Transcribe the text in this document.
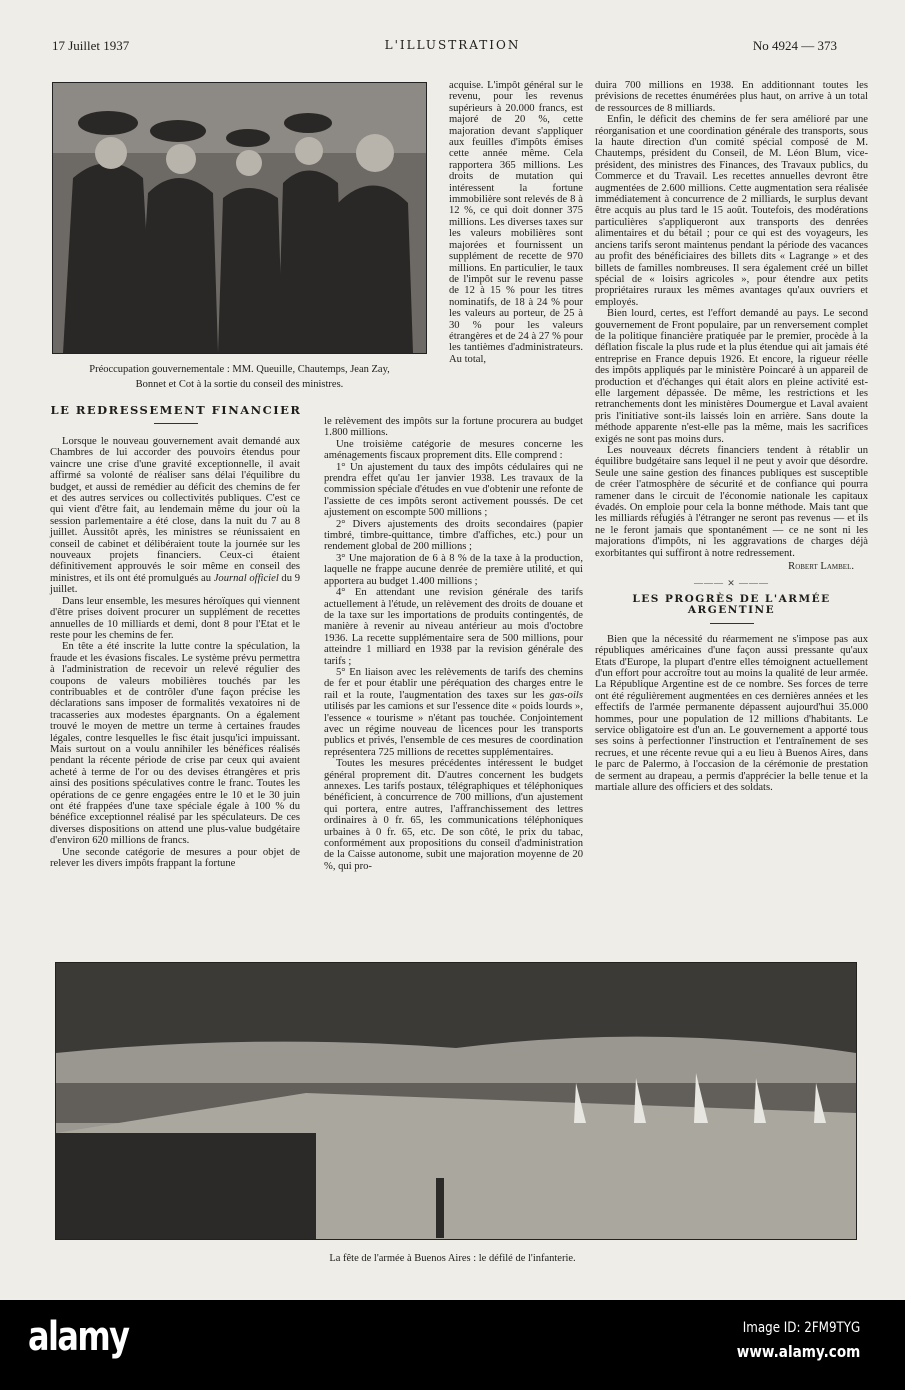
17 Juillet 1937	L'ILLUSTRATION	No 4924 — 373
Préoccupation gouvernementale : MM. Queuille, Chautemps, Jean Zay,
Bonnet et Cot à la sortie du conseil des ministres.
LE REDRESSEMENT FINANCIER

Lorsque le nouveau gouvernement avait demandé aux Chambres de lui accorder des pouvoirs étendus pour vaincre une crise d'une gravité exceptionnelle, il avait affirmé sa volonté de réaliser sans délai l'équilibre du budget, et aussi de remédier au déficit des chemins de fer et des autres services ou collectivités publiques. C'est ce qui vient d'être fait, au lendemain même du jour où la session parlementaire a été close, dans la nuit du 7 au 8 juillet. Aussitôt après, les ministres se réunissaient en conseil de cabinet et délibéraient toute la journée sur les nouveaux projets financiers. Ceux-ci étaient définitivement approuvés le soir même en conseil des ministres, et ils ont été promulgués au Journal officiel du 9 juillet.

Dans leur ensemble, les mesures héroïques qui viennent d'être prises doivent procurer un supplément de recettes annuelles de 10 milliards et demi, dont 8 pour l'Etat et le reste pour les chemins de fer.

En tête a été inscrite la lutte contre la spéculation, la fraude et les évasions fiscales. Le système prévu permettra à l'administration de recevoir un relevé régulier des coupons de valeurs mobilières touchés par les contribuables et de contrôler d'une façon précise les déclarations sans imposer de formalités vexatoires ni de tracasseries aux modestes épargnants. On a également trouvé le moyen de mettre un terme à certaines fraudes légales, contre lesquelles le fisc était jusqu'ici impuissant. Mais surtout on a voulu annihiler les bénéfices réalisés pendant la récente période de crise par ceux qui avaient acheté à terme de l'or ou des devises étrangères et pris ainsi des positions spéculatives contre le franc. Toutes les opérations de ce genre engagées entre le 10 et le 30 juin ont été frappées d'une taxe spéciale égale à 100 % du bénéfice exceptionnel réalisé par les spéculateurs. De ces diverses dispositions on attend une plus-value budgétaire d'environ 620 millions de francs.

Une seconde catégorie de mesures a pour objet de relever les divers impôts frappant la fortune

acquise. L'impôt général sur le revenu, pour les revenus supérieurs à 20.000 francs, est majoré de 20 %, cette majoration devant s'appliquer aux feuilles d'impôts émises cette année même. Cela rapportera 365 millions. Les droits de mutation qui intéressent la fortune immobilière sont relevés de 8 à 12 %, ce qui doit donner 375 millions. Les diverses taxes sur les valeurs mobilières sont majorées et fournissent un supplément de recette de 970 millions. En particulier, le taux de l'impôt sur le revenu passe de 12 à 15 % pour les titres nominatifs, de 18 à 24 % pour les valeurs au porteur, de 25 à 30 % pour les valeurs étrangères et de 24 à 27 % pour les tantièmes d'administrateurs. Au total,

le relèvement des impôts sur la fortune procurera au budget 1.800 millions.

Une troisième catégorie de mesures concerne les aménagements fiscaux proprement dits. Elle comprend :

1° Un ajustement du taux des impôts cédulaires qui ne prendra effet qu'au 1er janvier 1938. Les travaux de la commission spéciale d'études en vue d'obtenir une refonte de l'assiette de ces impôts seront activement poussés. De cet ajustement on escompte 500 millions ;

2° Divers ajustements des droits secondaires (papier timbré, timbre-quittance, timbre d'affiches, etc.) pour un rendement global de 200 millions ;

3° Une majoration de 6 à 8 % de la taxe à la production, laquelle ne frappe aucune denrée de première utilité, et qui apportera au budget 1.400 millions ;

4° En attendant une revision générale des tarifs actuellement à l'étude, un relèvement des droits de douane et de la taxe sur les importations de produits contingentés, de manière à revenir au niveau antérieur au mois d'octobre 1936. La recette supplémentaire sera de 500 millions, pour atteindre 1 milliard en 1938 par la revision générale des tarifs ;

5° En liaison avec les relèvements de tarifs des chemins de fer et pour établir une péréquation des charges entre le rail et la route, l'augmentation des taxes sur les gas-oils utilisés par les camions et sur l'essence dite « poids lourds », l'essence « tourisme » n'étant pas touchée. Conjointement avec un régime nouveau de licences pour les transports publics et privés, l'ensemble de ces mesures de coordination représentera 725 millions de recettes supplémentaires.

Toutes les mesures précédentes intéressent le budget général proprement dit. D'autres concernent les budgets annexes. Les tarifs postaux, télégraphiques et téléphoniques bénéficient, à concurrence de 700 millions, d'un ajustement qui portera, entre autres, l'affranchissement des lettres ordinaires à 0 fr. 65, les communications téléphoniques urbaines à 0 fr. 65, etc. De son côté, le prix du tabac, conformément aux propositions du conseil d'administration de la Caisse autonome, subit une majoration moyenne de 20 %, qui pro-

duira 700 millions en 1938. En additionnant toutes les prévisions de recettes énumérées plus haut, on arrive à un total de ressources de 8 milliards.

Enfin, le déficit des chemins de fer sera amélioré par une réorganisation et une coordination générale des transports, sous la haute direction d'un comité spécial composé de M. Chautemps, président du Conseil, de M. Léon Blum, vice-président, des ministres des Finances, des Travaux publics, du Commerce et du Travail. Les recettes annuelles devront être augmentées de 2.600 millions. Cette augmentation sera réalisée immédiatement à concurrence de 2 milliards, le surplus devant être acquis au plus tard le 15 août. Toutefois, des modérations particulières s'appliqueront aux transports des denrées alimentaires et du bétail ; pour ce qui est des voyageurs, les anciens tarifs seront maintenus pendant la période des vacances au profit des bénéficiaires des billets dits « Lagrange » et des billets de familles nombreuses. Il sera également créé un billet spécial de « loisirs agricoles », pour étendre aux petits propriétaires ruraux les mêmes avantages qu'aux ouvriers et employés.

Bien lourd, certes, est l'effort demandé au pays. Le second gouvernement de Front populaire, par un renversement complet de la politique financière pratiquée par le premier, procède à la déflation fiscale la plus rude et la plus étendue qui ait jamais été entreprise en France depuis 1926. Et encore, la rigueur réelle des impôts appliqués par le ministère Poincaré à un appareil de production et d'échanges qui était alors en pleine activité est-elle largement dépassée. De même, les restrictions et les retranchements dont les ministères Doumergue et Laval avaient pris l'initiative sont-ils laissés loin en arrière. Sans doute la méthode apparente n'est-elle pas la même, mais les sacrifices exigés ne sont pas moins durs.

Les nouveaux décrets financiers tendent à rétablir un équilibre budgétaire sans lequel il ne peut y avoir que désordre. Seule une saine gestion des finances publiques est susceptible de créer l'atmosphère de sécurité et de confiance qui pourra ramener dans le circuit de l'économie nationale les capitaux évadés. On emploie pour cela la bonne méthode. Mais tant que les milliards réfugiés à l'étranger ne seront pas revenus — et ils ne le feront jamais que spontanément — ce ne sont ni les majorations d'impôts, ni les aggravations de charges déjà exorbitantes qui suffiront à notre redressement.

Robert Lambel.
——— ✕ ———
LES PROGRÈS DE L'ARMÉE ARGENTINE

Bien que la nécessité du réarmement ne s'impose pas aux républiques américaines d'une façon aussi pressante qu'aux Etats d'Europe, la plupart d'entre elles témoignent actuellement d'un effort pour accroître tout au moins la qualité de leur armée. La République Argentine est de ce nombre. Ses forces de terre ont été régulièrement augmentées en ces dernières années et les effectifs de l'armée permanente dépassent aujourd'hui 35.000 hommes, pour une population de 12 millions d'habitants. Le service obligatoire est d'un an. Le gouvernement a apporté tous ses soins à perfectionner l'instruction et l'entraînement de ses recrues, et une récente revue qui a eu lieu à Buenos Aires, dans le parc de Palermo, à l'occasion de la cérémonie de prestation de serment au drapeau, a permis d'apprécier la belle tenue et la martiale allure des officiers et des soldats.

La fête de l'armée à Buenos Aires : le défilé de l'infanterie.
alamy	Image ID: 2FM9TYG
www.alamy.com
